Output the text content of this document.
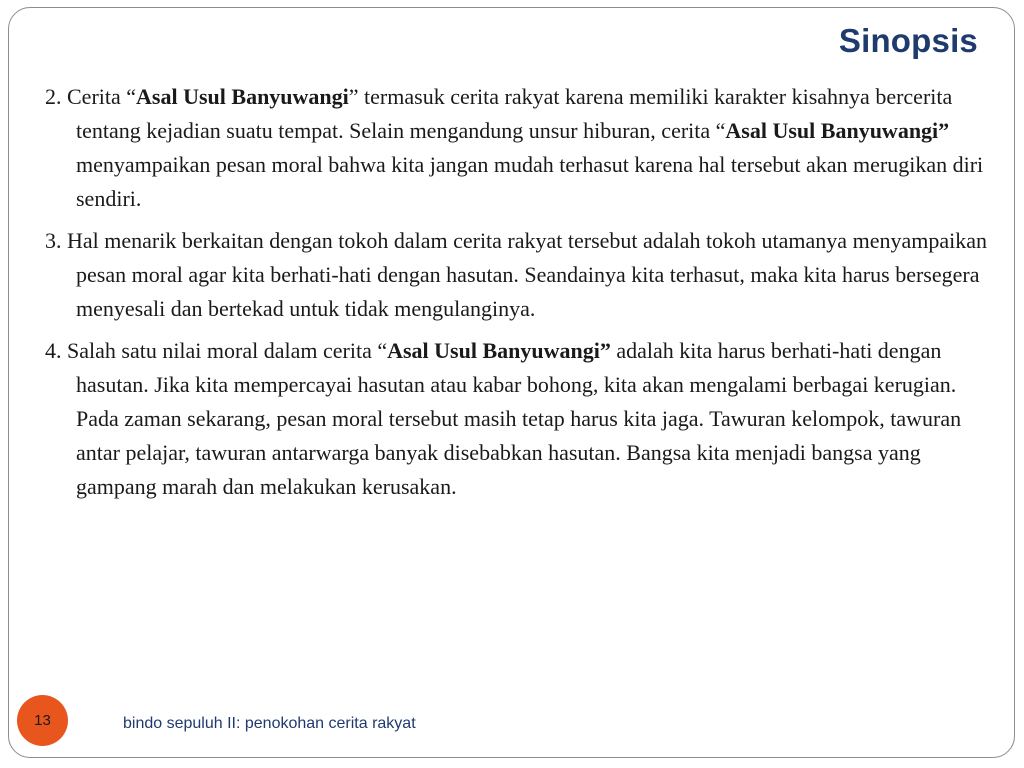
Sinopsis

2. Cerita “Asal Usul Banyuwangi” termasuk cerita rakyat karena memiliki karakter kisahnya bercerita tentang kejadian suatu tempat. Selain mengandung unsur hiburan, cerita “Asal Usul Banyuwangi” menyampaikan pesan moral bahwa kita jangan mudah terhasut karena hal tersebut akan merugikan diri sendiri.

3. Hal menarik berkaitan dengan tokoh dalam cerita rakyat tersebut adalah tokoh utamanya menyampaikan pesan moral agar kita berhati-hati dengan hasutan. Seandainya kita terhasut, maka kita harus bersegera menyesali dan bertekad untuk tidak mengulanginya.

4. Salah satu nilai moral dalam cerita “Asal Usul Banyuwangi” adalah kita harus berhati-hati dengan hasutan. Jika kita mempercayai hasutan atau kabar bohong, kita akan mengalami berbagai kerugian. Pada zaman sekarang, pesan moral tersebut masih tetap harus kita jaga. Tawuran kelompok, tawuran antar pelajar, tawuran antarwarga banyak disebabkan hasutan. Bangsa kita menjadi bangsa yang gampang marah dan melakukan kerusakan.

bindo sepuluh II: penokohan cerita rakyat
13
